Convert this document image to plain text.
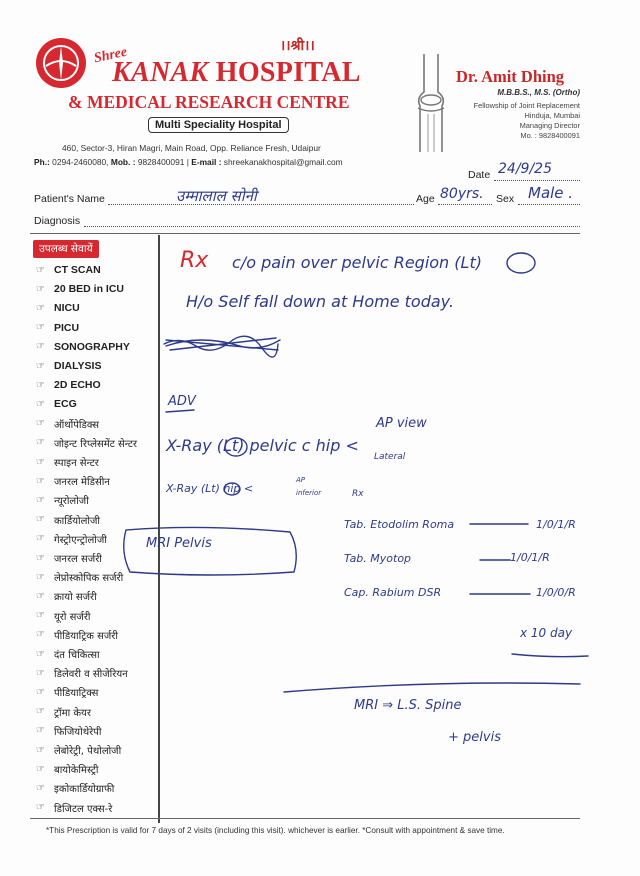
Shree	।।श्री।।
KANAK HOSPITAL
& MEDICAL RESEARCH CENTRE
Multi Speciality Hospital
460, Sector-3, Hiran Magri, Main Road, Opp. Reliance Fresh, Udaipur
Ph.: 0294-2460080, Mob. : 9828400091 | E-mail : shreekanakhospital@gmail.com
Dr. Amit Dhing
M.B.B.S., M.S. (Ortho)
Fellowship of Joint Replacement
Hinduja, Mumbai
Managing Director
Mo. : 9828400091
Date 24/9/25
Patient's Name	उम्मालाल सोनी	Age 80yrs. Sex Male .
Diagnosis
उपलब्ध सेवायें
☞ CT SCAN
☞ 20 BED in ICU
☞ NICU
☞ PICU
☞ SONOGRAPHY
☞ DIALYSIS
☞ 2D ECHO
☞ ECG
☞ ऑर्थोपेडिक्स
☞ जोइन्ट रिप्लेसमेंट सेन्टर
☞ स्पाइन सेन्टर
☞ जनरल मेडिसीन
☞ न्यूरोलोजी
☞ कार्डियोलोजी
☞ गेस्ट्रोएन्ट्रोलोजी
☞ जनरल सर्जरी
☞ लेप्रोस्कोपिक सर्जरी
☞ क्रायो सर्जरी
☞ यूरो सर्जरी
☞ पीडियाट्रिक सर्जरी
☞ दंत चिकित्सा
☞ डिलेवरी व सीजेरियन
☞ पीडियाट्रिक्स
☞ ट्रॉमा केयर
☞ फिजियोथेरेपी
☞ लेबोरेट्री, पेथोलोजी
☞ बायोकेमिस्ट्री
☞ इकोकार्डियोग्राफी
☞ डिजिटल एक्स-रे
Rx c/o pain over pelvic Region (Lt)
H/o Self fall down at Home today.
ADV
X-Ray (Lt) pelvic c hip <
AP view
Lateral
X-Ray (Lt) hip <
AP
inferior	Rx
MRI Pelvis
Tab. Etodolim Roma	1/0/1/R
Tab. Myotop	1/0/1/R
Cap. Rabium DSR	1/0/0/R
x 10 day
MRI ⇒ L.S. Spine
+ pelvis
*This Prescription is valid for 7 days of 2 visits (including this visit). whichever is earlier. *Consult with appointment & save time.
